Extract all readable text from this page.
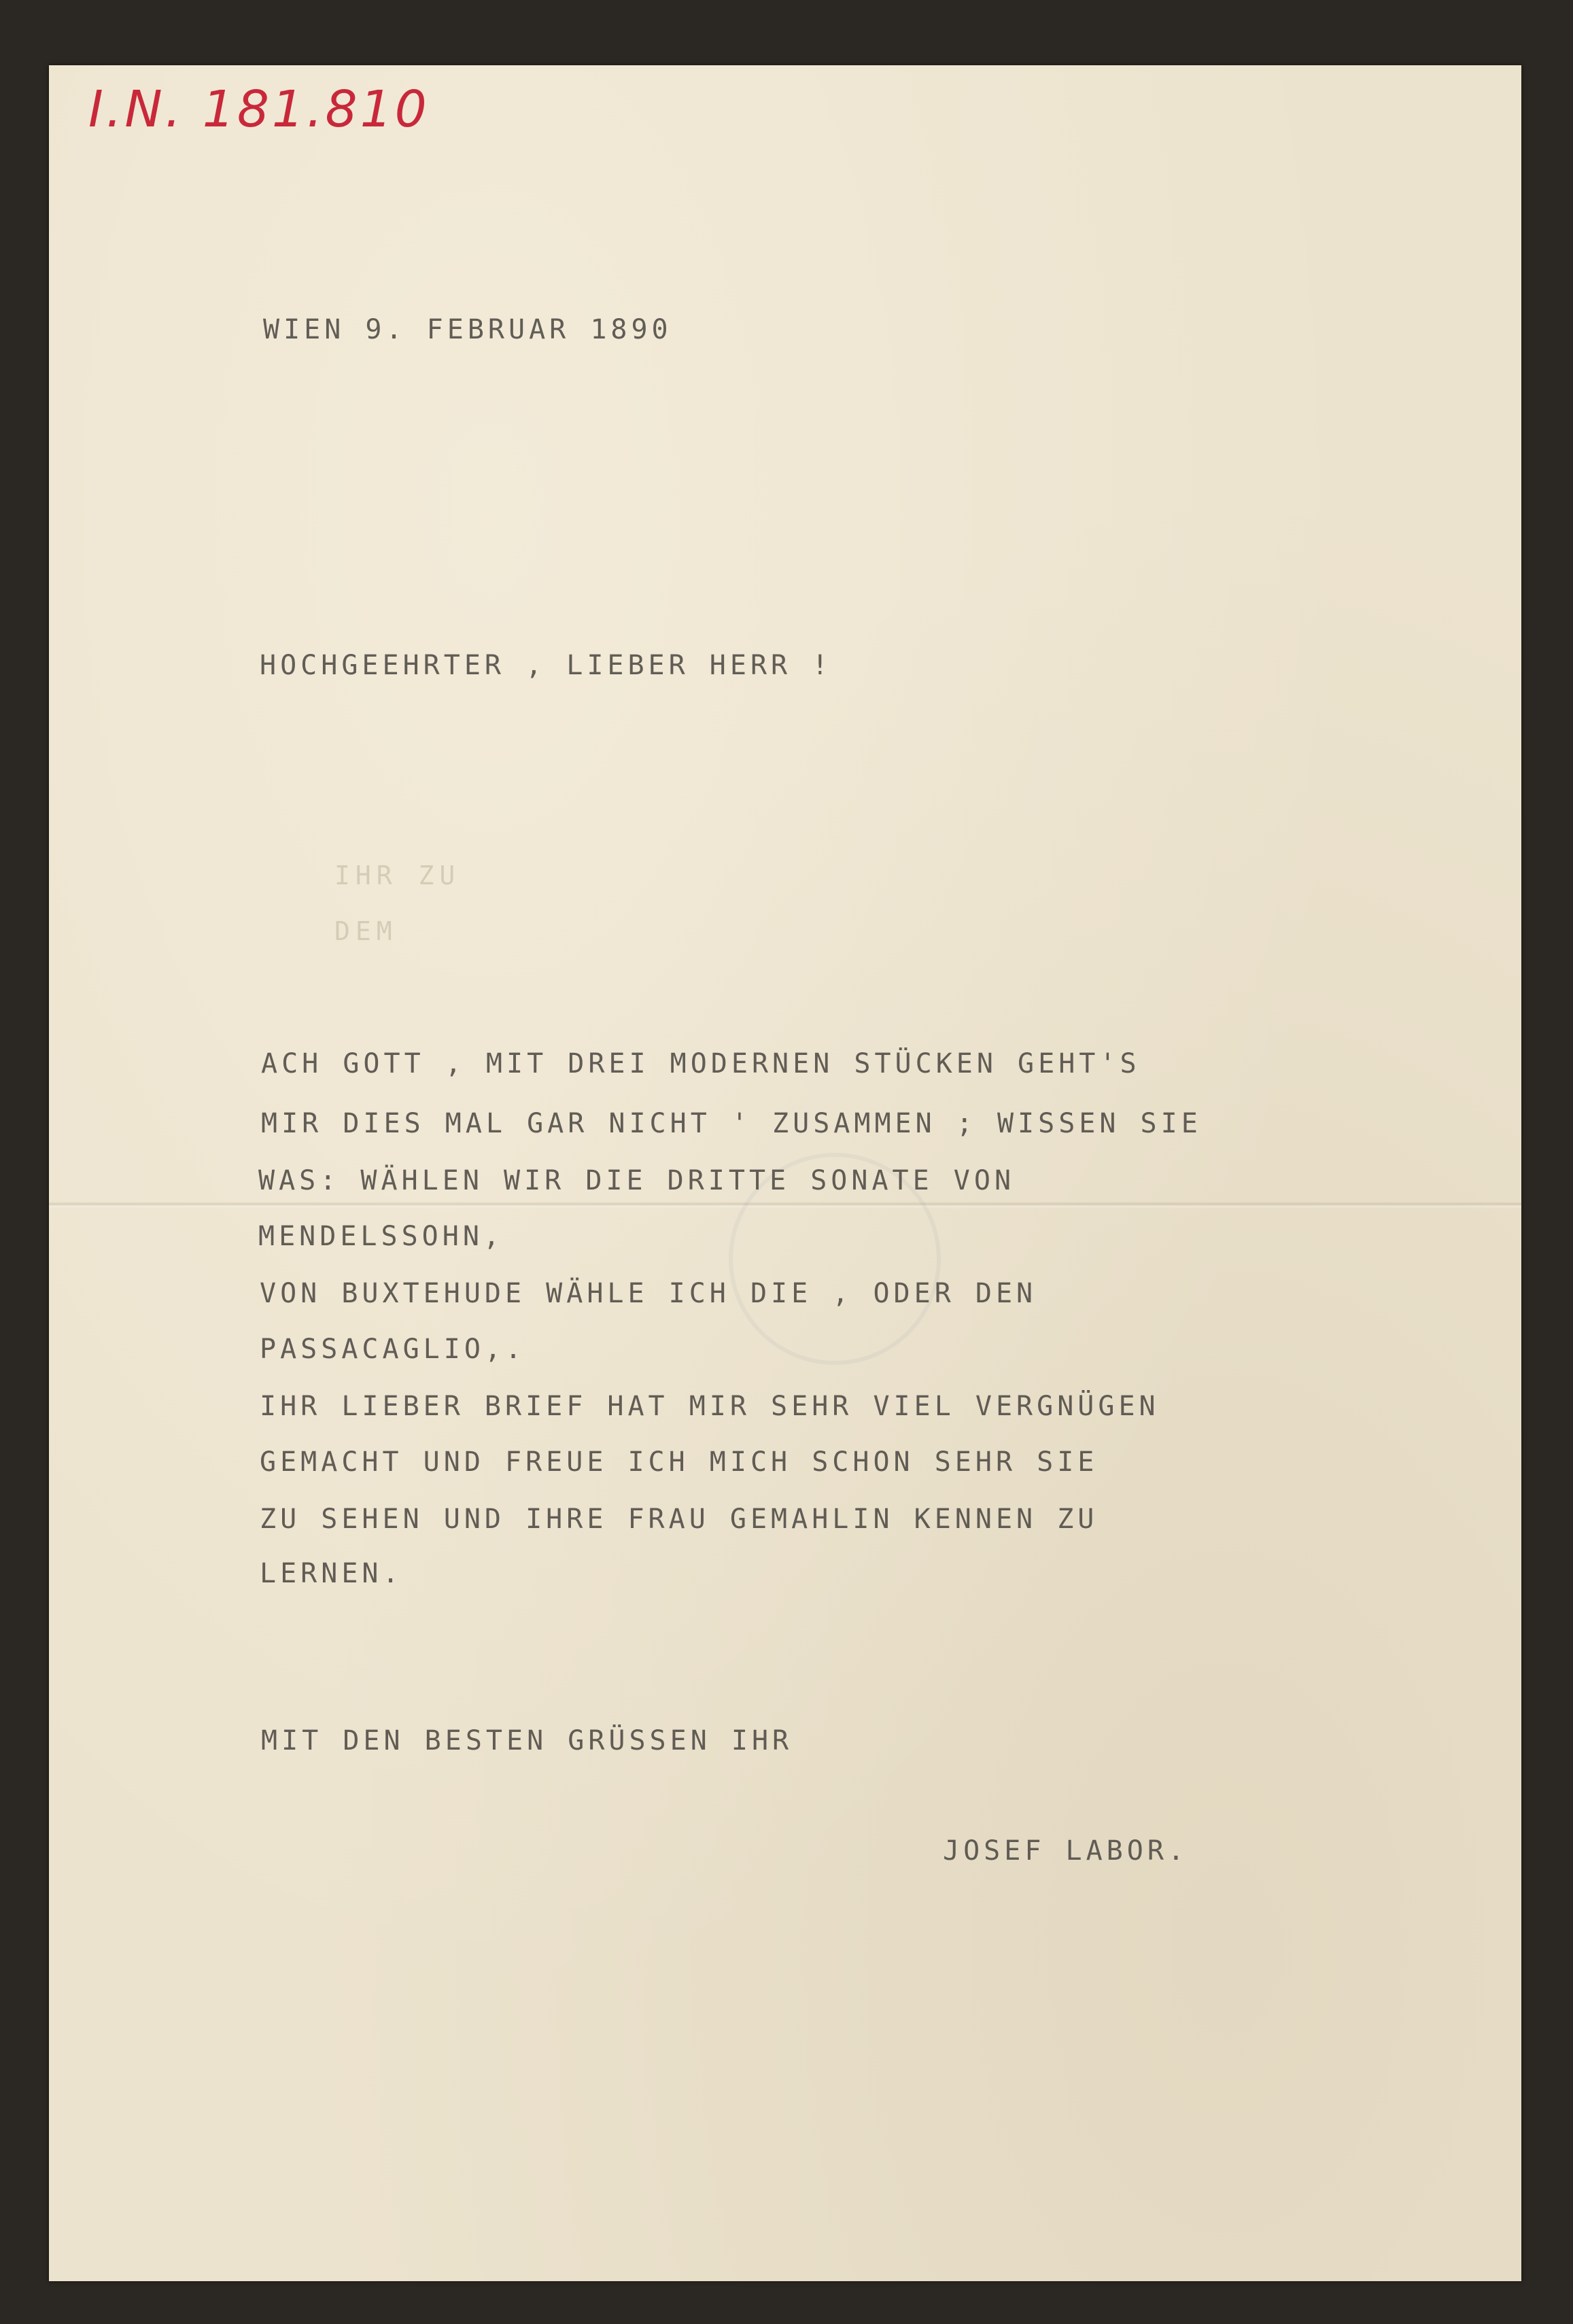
I.N. 181.810
WIEN 9. FEBRUAR 1890
HOCHGEEHRTER , LIEBER HERR !
IHR ZU
DEM
ACH GOTT , MIT DREI MODERNEN STÜCKEN GEHT'S
MIR DIES MAL GAR NICHT ' ZUSAMMEN ; WISSEN SIE
WAS: WÄHLEN WIR DIE DRITTE SONATE VON
MENDELSSOHN,
VON BUXTEHUDE WÄHLE ICH DIE , ODER DEN
PASSACAGLIO,.
IHR LIEBER BRIEF HAT MIR SEHR VIEL VERGNÜGEN
GEMACHT UND FREUE ICH MICH SCHON SEHR SIE
ZU SEHEN UND IHRE FRAU GEMAHLIN KENNEN ZU
LERNEN.
MIT DEN BESTEN GRÜSSEN IHR
JOSEF LABOR.
